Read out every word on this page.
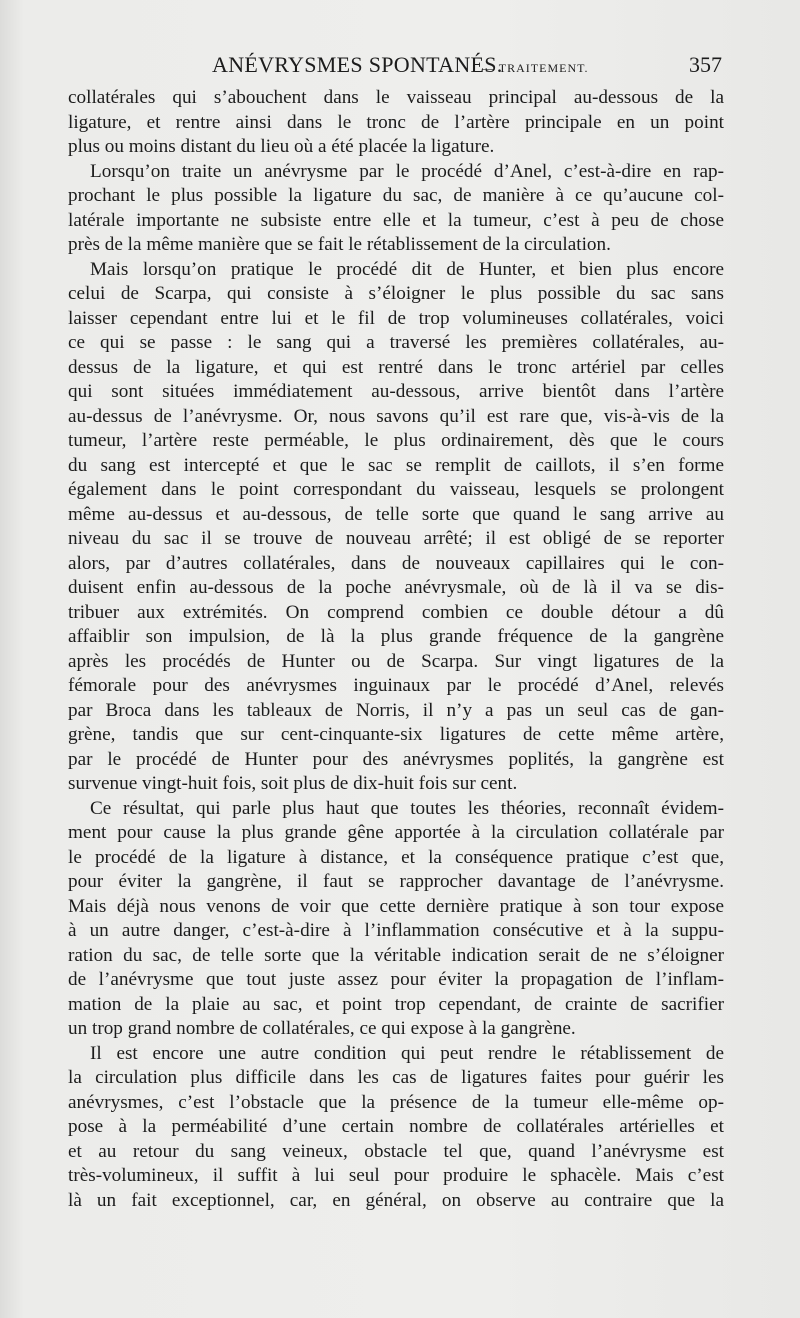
ANÉVRYSMES SPONTANÉS.
— TRAITEMENT.	357
collatérales qui s’abouchent dans le vaisseau principal au-dessous de la
ligature, et rentre ainsi dans le tronc de l’artère principale en un point
plus ou moins distant du lieu où a été placée la ligature.
Lorsqu’on traite un anévrysme par le procédé d’Anel, c’est-à-dire en rap-
prochant le plus possible la ligature du sac, de manière à ce qu’aucune col-
latérale importante ne subsiste entre elle et la tumeur, c’est à peu de chose
près de la même manière que se fait le rétablissement de la circulation.
Mais lorsqu’on pratique le procédé dit de Hunter, et bien plus encore
celui de Scarpa, qui consiste à s’éloigner le plus possible du sac sans
laisser cependant entre lui et le fil de trop volumineuses collatérales, voici
ce qui se passe : le sang qui a traversé les premières collatérales, au-
dessus de la ligature, et qui est rentré dans le tronc artériel par celles
qui sont situées immédiatement au-dessous, arrive bientôt dans l’artère
au-dessus de l’anévrysme. Or, nous savons qu’il est rare que, vis-à-vis de la
tumeur, l’artère reste perméable, le plus ordinairement, dès que le cours
du sang est intercepté et que le sac se remplit de caillots, il s’en forme
également dans le point correspondant du vaisseau, lesquels se prolongent
même au-dessus et au-dessous, de telle sorte que quand le sang arrive au
niveau du sac il se trouve de nouveau arrêté; il est obligé de se reporter
alors, par d’autres collatérales, dans de nouveaux capillaires qui le con-
duisent enfin au-dessous de la poche anévrysmale, où de là il va se dis-
tribuer aux extrémités. On comprend combien ce double détour a dû
affaiblir son impulsion, de là la plus grande fréquence de la gangrène
après les procédés de Hunter ou de Scarpa. Sur vingt ligatures de la
fémorale pour des anévrysmes inguinaux par le procédé d’Anel, relevés
par Broca dans les tableaux de Norris, il n’y a pas un seul cas de gan-
grène, tandis que sur cent-cinquante-six ligatures de cette même artère,
par le procédé de Hunter pour des anévrysmes poplités, la gangrène est
survenue vingt-huit fois, soit plus de dix-huit fois sur cent.
Ce résultat, qui parle plus haut que toutes les théories, reconnaît évidem-
ment pour cause la plus grande gêne apportée à la circulation collatérale par
le procédé de la ligature à distance, et la conséquence pratique c’est que,
pour éviter la gangrène, il faut se rapprocher davantage de l’anévrysme.
Mais déjà nous venons de voir que cette dernière pratique à son tour expose
à un autre danger, c’est-à-dire à l’inflammation consécutive et à la suppu-
ration du sac, de telle sorte que la véritable indication serait de ne s’éloigner
de l’anévrysme que tout juste assez pour éviter la propagation de l’inflam-
mation de la plaie au sac, et point trop cependant, de crainte de sacrifier
un trop grand nombre de collatérales, ce qui expose à la gangrène.
Il est encore une autre condition qui peut rendre le rétablissement de
la circulation plus difficile dans les cas de ligatures faites pour guérir les
anévrysmes, c’est l’obstacle que la présence de la tumeur elle-même op-
pose à la perméabilité d’une certain nombre de collatérales artérielles et
et au retour du sang veineux, obstacle tel que, quand l’anévrysme est
très-volumineux, il suffit à lui seul pour produire le sphacèle. Mais c’est
là un fait exceptionnel, car, en général, on observe au contraire que la
